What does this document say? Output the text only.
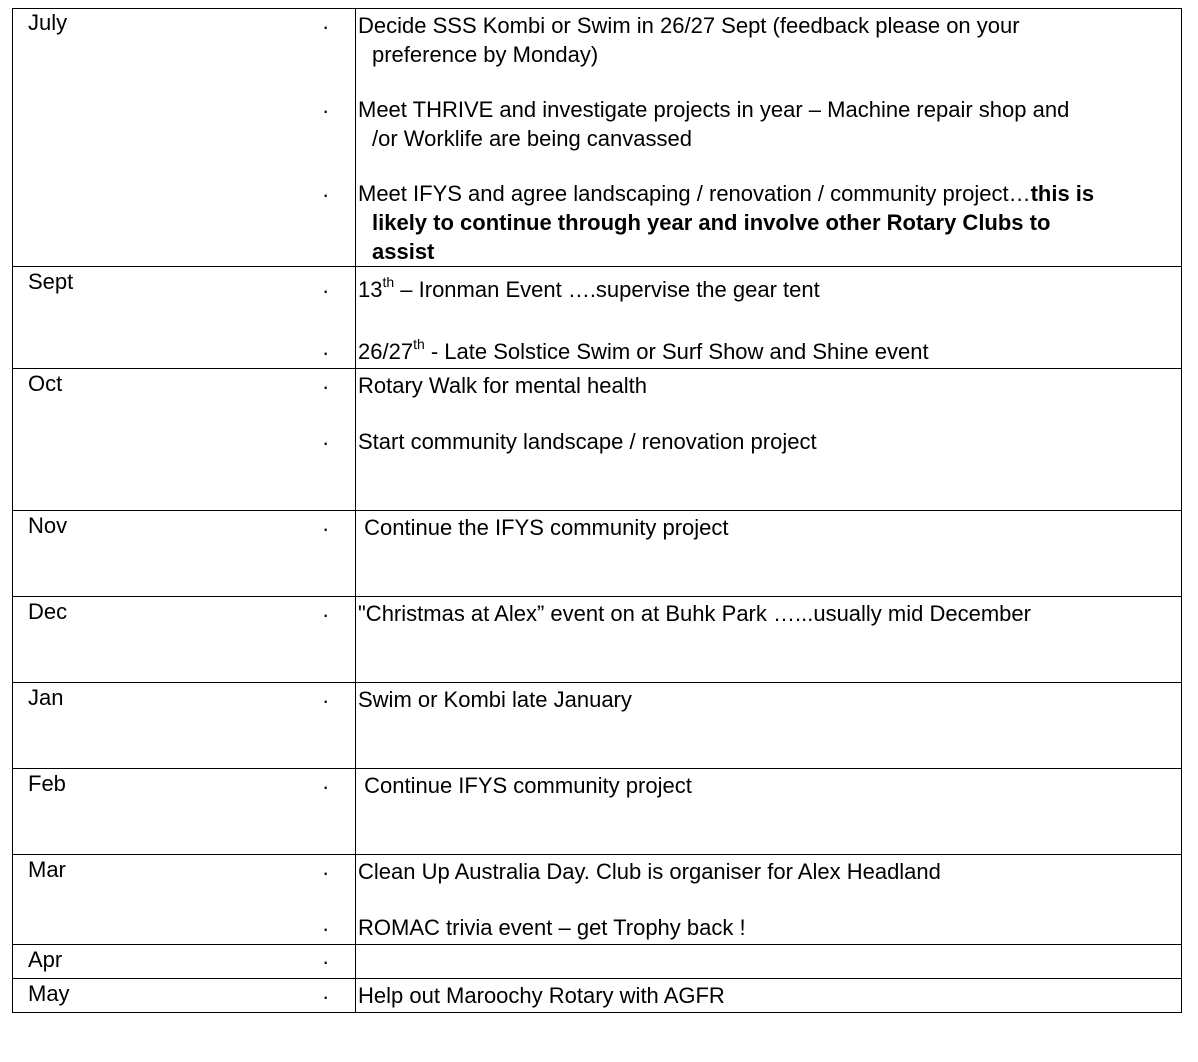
July	· Decide SSS Kombi or Swim in 26/27 Sept (feedback please on your
preference by Monday)
· Meet THRIVE and investigate projects in year – Machine repair shop and
/or Worklife are being canvassed
· Meet IFYS and agree landscaping / renovation / community project…this is
likely to continue through year and involve other Rotary Clubs to
assist
Sept	· 13th – Ironman Event ….supervise the gear tent
· 26/27th - Late Solstice Swim or Surf Show and Shine event
Oct	· Rotary Walk for mental health
· Start community landscape / renovation project
Nov	· Continue the IFYS community project
Dec	· "Christmas at Alex” event on at Buhk Park …...usually mid December
Jan	· Swim or Kombi late January
Feb	· Continue IFYS community project
Mar	· Clean Up Australia Day. Club is organiser for Alex Headland
· ROMAC trivia event – get Trophy back !
Apr	·
May	· Help out Maroochy Rotary with AGFR
